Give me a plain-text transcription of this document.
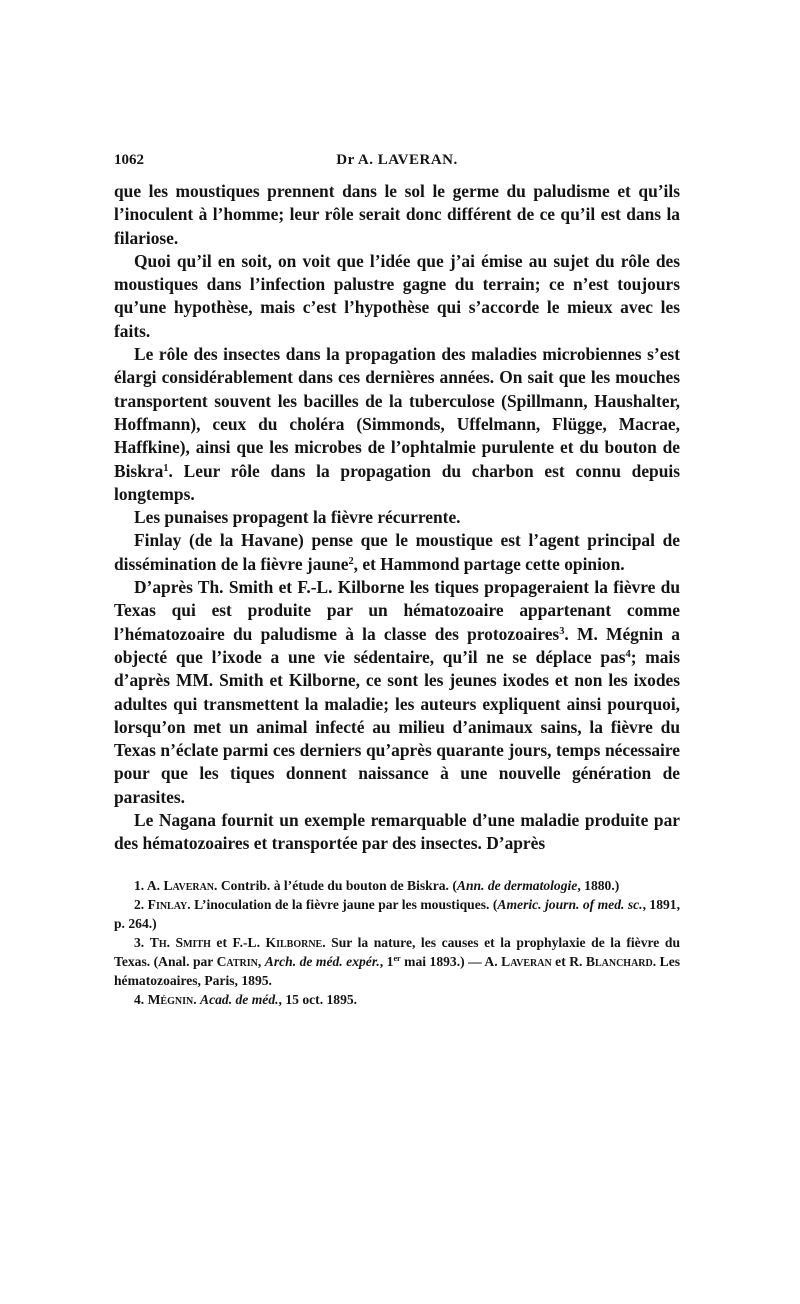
1062	Dr A. LAVERAN.

que les moustiques prennent dans le sol le germe du paludisme et qu’ils l’inoculent à l’homme; leur rôle serait donc différent de ce qu’il est dans la filariose.

Quoi qu’il en soit, on voit que l’idée que j’ai émise au sujet du rôle des moustiques dans l’infection palustre gagne du terrain; ce n’est toujours qu’une hypothèse, mais c’est l’hypothèse qui s’accorde le mieux avec les faits.

Le rôle des insectes dans la propagation des maladies microbiennes s’est élargi considérablement dans ces dernières années. On sait que les mouches transportent souvent les bacilles de la tuberculose (Spillmann, Haushalter, Hoffmann), ceux du choléra (Simmonds, Uffelmann, Flügge, Macrae, Haffkine), ainsi que les microbes de l’ophtalmie purulente et du bouton de Biskra$^1$. Leur rôle dans la propagation du charbon est connu depuis longtemps.

Les punaises propagent la fièvre récurrente.

Finlay (de la Havane) pense que le moustique est l’agent principal de dissémination de la fièvre jaune$^2$, et Hammond partage cette opinion.

D’après Th. Smith et F.-L. Kilborne les tiques propageraient la fièvre du Texas qui est produite par un hématozoaire appartenant comme l’hématozoaire du paludisme à la classe des protozoaires$^3$. M. Mégnin a objecté que l’ixode a une vie sédentaire, qu’il ne se déplace pas$^4$; mais d’après MM. Smith et Kilborne, ce sont les jeunes ixodes et non les ixodes adultes qui transmettent la maladie; les auteurs expliquent ainsi pourquoi, lorsqu’on met un animal infecté au milieu d’animaux sains, la fièvre du Texas n’éclate parmi ces derniers qu’après quarante jours, temps nécessaire pour que les tiques donnent naissance à une nouvelle génération de parasites.

Le Nagana fournit un exemple remarquable d’une maladie produite par des hématozoaires et transportée par des insectes. D’après

1. A. Laveran. Contrib. à l’étude du bouton de Biskra. (Ann. de dermatologie, 1880.)

2. Finlay. L’inoculation de la fièvre jaune par les moustiques. (Americ. journ. of med. sc., 1891, p. 264.)

3. Th. Smith et F.-L. Kilborne. Sur la nature, les causes et la prophylaxie de la fièvre du Texas. (Anal. par Catrin, Arch. de méd. expér., 1er mai 1893.) — A. Laveran et R. Blanchard. Les hématozoaires, Paris, 1895.

4. Mégnin. Acad. de méd., 15 oct. 1895.
